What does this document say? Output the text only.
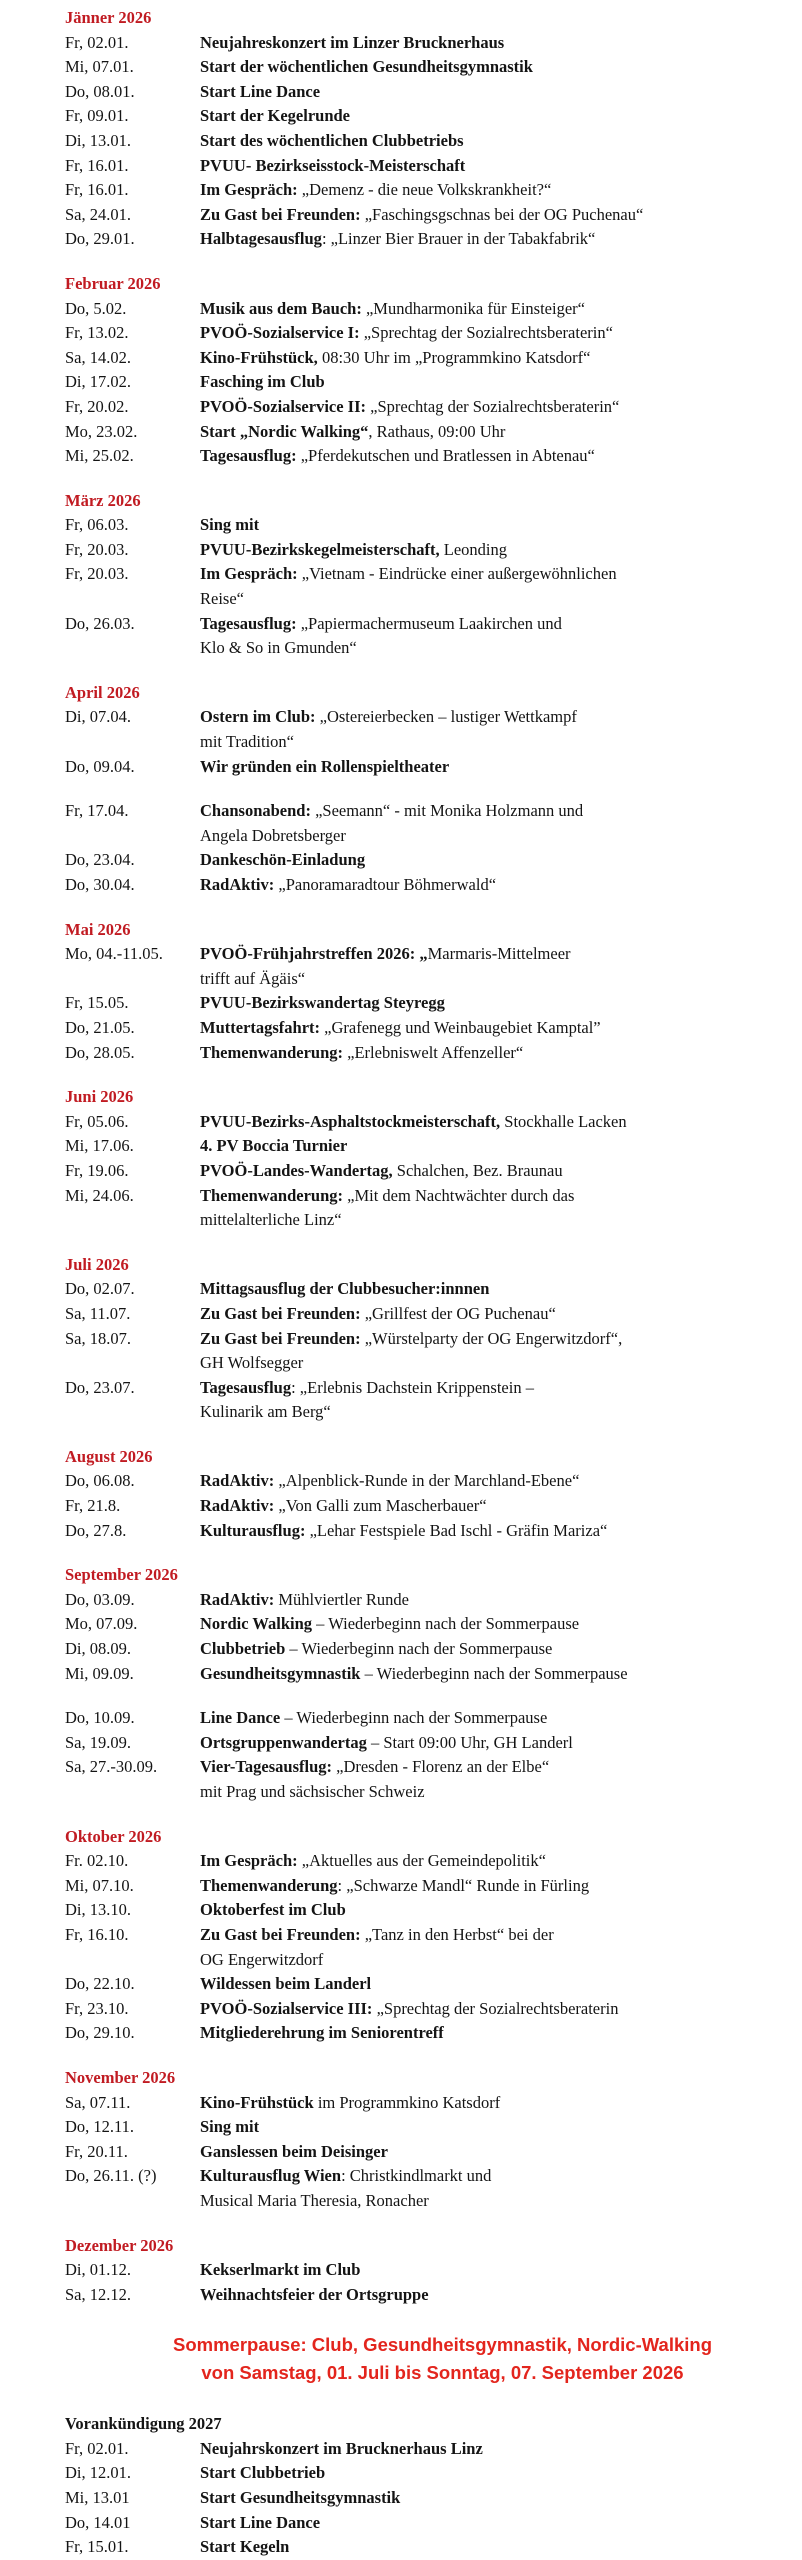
Jänner 2026
Fr, 02.01.	Neujahreskonzert im Linzer Brucknerhaus
Mi, 07.01.	Start der wöchentlichen Gesundheitsgymnastik
Do, 08.01.	Start Line Dance
Fr, 09.01.	Start der Kegelrunde
Di, 13.01.	Start des wöchentlichen Clubbetriebs
Fr, 16.01.	PVUU- Bezirkseisstock-Meisterschaft
Fr, 16.01.	Im Gespräch: „Demenz - die neue Volkskrankheit?“
Sa, 24.01.	Zu Gast bei Freunden: „Faschingsgschnas bei der OG Puchenau“
Do, 29.01.	Halbtagesausflug: „Linzer Bier Brauer in der Tabakfabrik“
Februar 2026
Do, 5.02.	Musik aus dem Bauch: „Mundharmonika für Einsteiger“
Fr, 13.02.	PVOÖ-Sozialservice I: „Sprechtag der Sozialrechtsberaterin“
Sa, 14.02.	Kino-Frühstück, 08:30 Uhr im „Programmkino Katsdorf“
Di, 17.02.	Fasching im Club
Fr, 20.02.	PVOÖ-Sozialservice II: „Sprechtag der Sozialrechtsberaterin“
Mo, 23.02.	Start „Nordic Walking“, Rathaus, 09:00 Uhr
Mi, 25.02.	Tagesausflug: „Pferdekutschen und Bratlessen in Abtenau“
März 2026
Fr, 06.03.	Sing mit
Fr, 20.03.	PVUU-Bezirkskegelmeisterschaft, Leonding
Fr, 20.03.	Im Gespräch: „Vietnam - Eindrücke einer außergewöhnlichen
Reise“
Do, 26.03.	Tagesausflug: „Papiermachermuseum Laakirchen und
Klo & So in Gmunden“
April 2026
Di, 07.04.	Ostern im Club: „Ostereierbecken – lustiger Wettkampf
mit Tradition“
Do, 09.04.	Wir gründen ein Rollenspieltheater
Fr, 17.04.	Chansonabend: „Seemann“ - mit Monika Holzmann und
Angela Dobretsberger
Do, 23.04.	Dankeschön-Einladung
Do, 30.04.	RadAktiv: „Panoramaradtour Böhmerwald“
Mai 2026
Mo, 04.-11.05.	PVOÖ-Frühjahrstreffen 2026: „Marmaris-Mittelmeer
trifft auf Ägäis“
Fr, 15.05.	PVUU-Bezirkswandertag Steyregg
Do, 21.05.	Muttertagsfahrt: „Grafenegg und Weinbaugebiet Kamptal”
Do, 28.05.	Themenwanderung: „Erlebniswelt Affenzeller“
Juni 2026
Fr, 05.06.	PVUU-Bezirks-Asphaltstockmeisterschaft, Stockhalle Lacken
Mi, 17.06.	4. PV Boccia Turnier
Fr, 19.06.	PVOÖ-Landes-Wandertag, Schalchen, Bez. Braunau
Mi, 24.06.	Themenwanderung: „Mit dem Nachtwächter durch das
mittelalterliche Linz“
Juli 2026
Do, 02.07.	Mittagsausflug der Clubbesucher:innnen
Sa, 11.07.	Zu Gast bei Freunden: „Grillfest der OG Puchenau“
Sa, 18.07.	Zu Gast bei Freunden: „Würstelparty der OG Engerwitzdorf“,
GH Wolfsegger
Do, 23.07.	Tagesausflug: „Erlebnis Dachstein Krippenstein –
Kulinarik am Berg“
August 2026
Do, 06.08.	RadAktiv: „Alpenblick-Runde in der Marchland-Ebene“
Fr, 21.8.	RadAktiv: „Von Galli zum Mascherbauer“
Do, 27.8.	Kulturausflug: „Lehar Festspiele Bad Ischl - Gräfin Mariza“
September 2026
Do, 03.09.	RadAktiv: Mühlviertler Runde
Mo, 07.09.	Nordic Walking – Wiederbeginn nach der Sommerpause
Di, 08.09.	Clubbetrieb – Wiederbeginn nach der Sommerpause
Mi, 09.09.	Gesundheitsgymnastik – Wiederbeginn nach der Sommerpause
Do, 10.09.	Line Dance – Wiederbeginn nach der Sommerpause
Sa, 19.09.	Ortsgruppenwandertag – Start 09:00 Uhr, GH Landerl
Sa, 27.-30.09.	Vier-Tagesausflug: „Dresden - Florenz an der Elbe“
mit Prag und sächsischer Schweiz
Oktober 2026
Fr. 02.10.	Im Gespräch: „Aktuelles aus der Gemeindepolitik“
Mi, 07.10.	Themenwanderung: „Schwarze Mandl“ Runde in Fürling
Di, 13.10.	Oktoberfest im Club
Fr, 16.10.	Zu Gast bei Freunden: „Tanz in den Herbst“ bei der
OG Engerwitzdorf
Do, 22.10.	Wildessen beim Landerl
Fr, 23.10.	PVOÖ-Sozialservice III: „Sprechtag der Sozialrechtsberaterin
Do, 29.10.	Mitgliederehrung im Seniorentreff
November 2026
Sa, 07.11.	Kino-Frühstück im Programmkino Katsdorf
Do, 12.11.	Sing mit
Fr, 20.11.	Ganslessen beim Deisinger
Do, 26.11. (?)	Kulturausflug Wien: Christkindlmarkt und
Musical Maria Theresia, Ronacher
Dezember 2026
Di, 01.12.	Kekserlmarkt im Club
Sa, 12.12.	Weihnachtsfeier der Ortsgruppe
Sommerpause: Club, Gesundheitsgymnastik, Nordic-Walking
von Samstag, 01. Juli bis Sonntag, 07. September 2026
Vorankündigung 2027
Fr, 02.01.	Neujahrskonzert im Brucknerhaus Linz
Di, 12.01.	Start Clubbetrieb
Mi, 13.01	Start Gesundheitsgymnastik
Do, 14.01	Start Line Dance
Fr, 15.01.	Start Kegeln
